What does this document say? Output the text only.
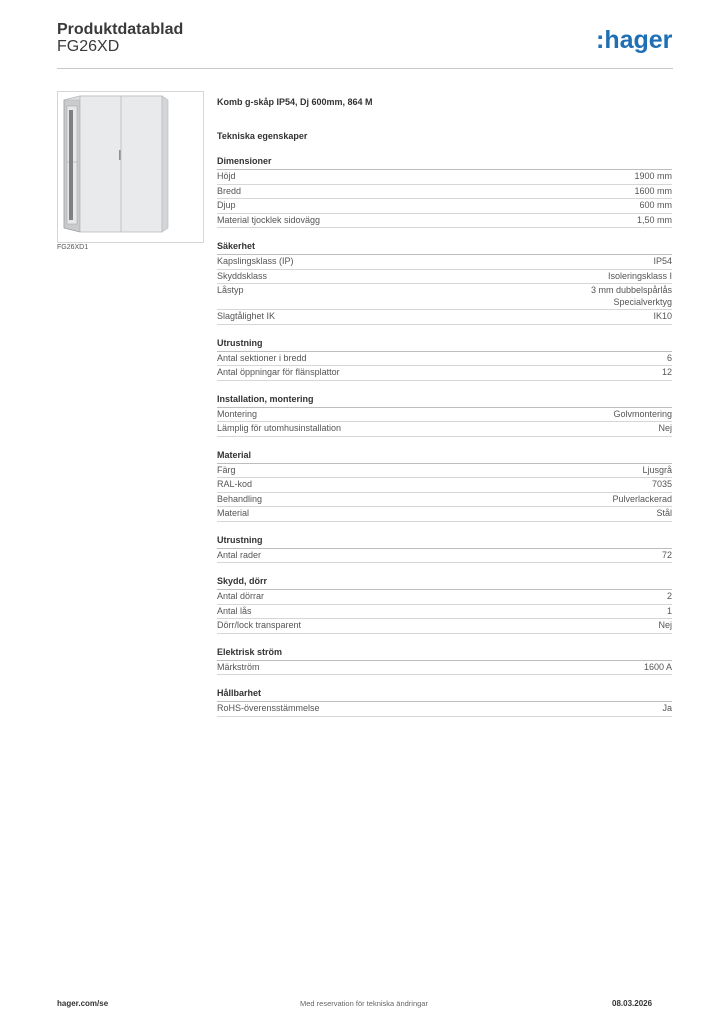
Produktdatablad
FG26XD	:hager
FG26XD1
Komb g-skåp IP54, Dj 600mm, 864 M
Tekniska egenskaper
Dimensioner
Höjd	1900 mm
Bredd	1600 mm
Djup	600 mm
Material tjocklek sidovägg	1,50 mm
Säkerhet
Kapslingsklass (IP)	IP54
Skyddsklass	Isoleringsklass I
Låstyp	3 mm dubbelspårlås
Specialverktyg
Slagtålighet IK	IK10
Utrustning
Antal sektioner i bredd	6
Antal öppningar för flänsplattor	12
Installation, montering
Montering	Golvmontering
Lämplig för utomhusinstallation	Nej
Material
Färg	Ljusgrå
RAL-kod	7035
Behandling	Pulverlackerad
Material	Stål
Utrustning
Antal rader	72
Skydd, dörr
Antal dörrar	2
Antal lås	1
Dörr/lock transparent	Nej
Elektrisk ström
Märkström	1600 A
Hållbarhet
RoHS-överensstämmelse	Ja
hager.com/se	Med reservation för tekniska ändringar	08.03.2026
